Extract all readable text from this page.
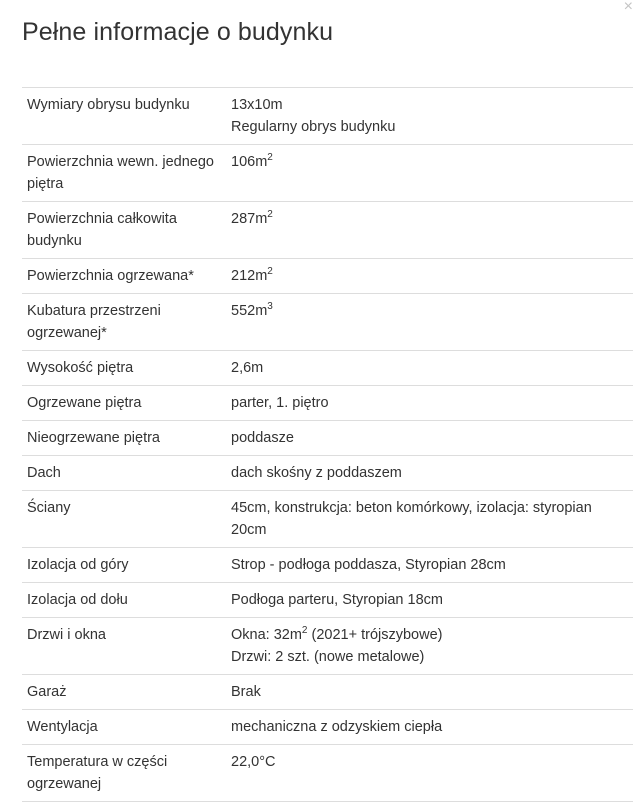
×
Pełne informacje o budynku
Wymiary obrysu budynku	13x10m
Regularny obrys budynku

Powierzchnia wewn. jednego piętra	$106m^2$
Powierzchnia całkowita budynku	$287m^2$
Powierzchnia ogrzewana*	$212m^2$
Kubatura przestrzeni ogrzewanej*	$552m^3$
Wysokość piętra	2,6m
Ogrzewane piętra	parter, 1. piętro
Nieogrzewane piętra	poddasze
Dach	dach skośny z poddaszem
Ściany	45cm, konstrukcja: beton komórkowy, izolacja: styropian 20cm
Izolacja od góry	Strop - podłoga poddasza, Styropian 28cm
Izolacja od dołu	Podłoga parteru, Styropian 18cm
Drzwi i okna	Okna: $32m^2$ (2021+ trójszybowe)
Drzwi: 2 szt. (nowe metalowe)

Garaż	Brak
Wentylacja	mechaniczna z odzyskiem ciepła
Temperatura w części ogrzewanej	22,0°C
